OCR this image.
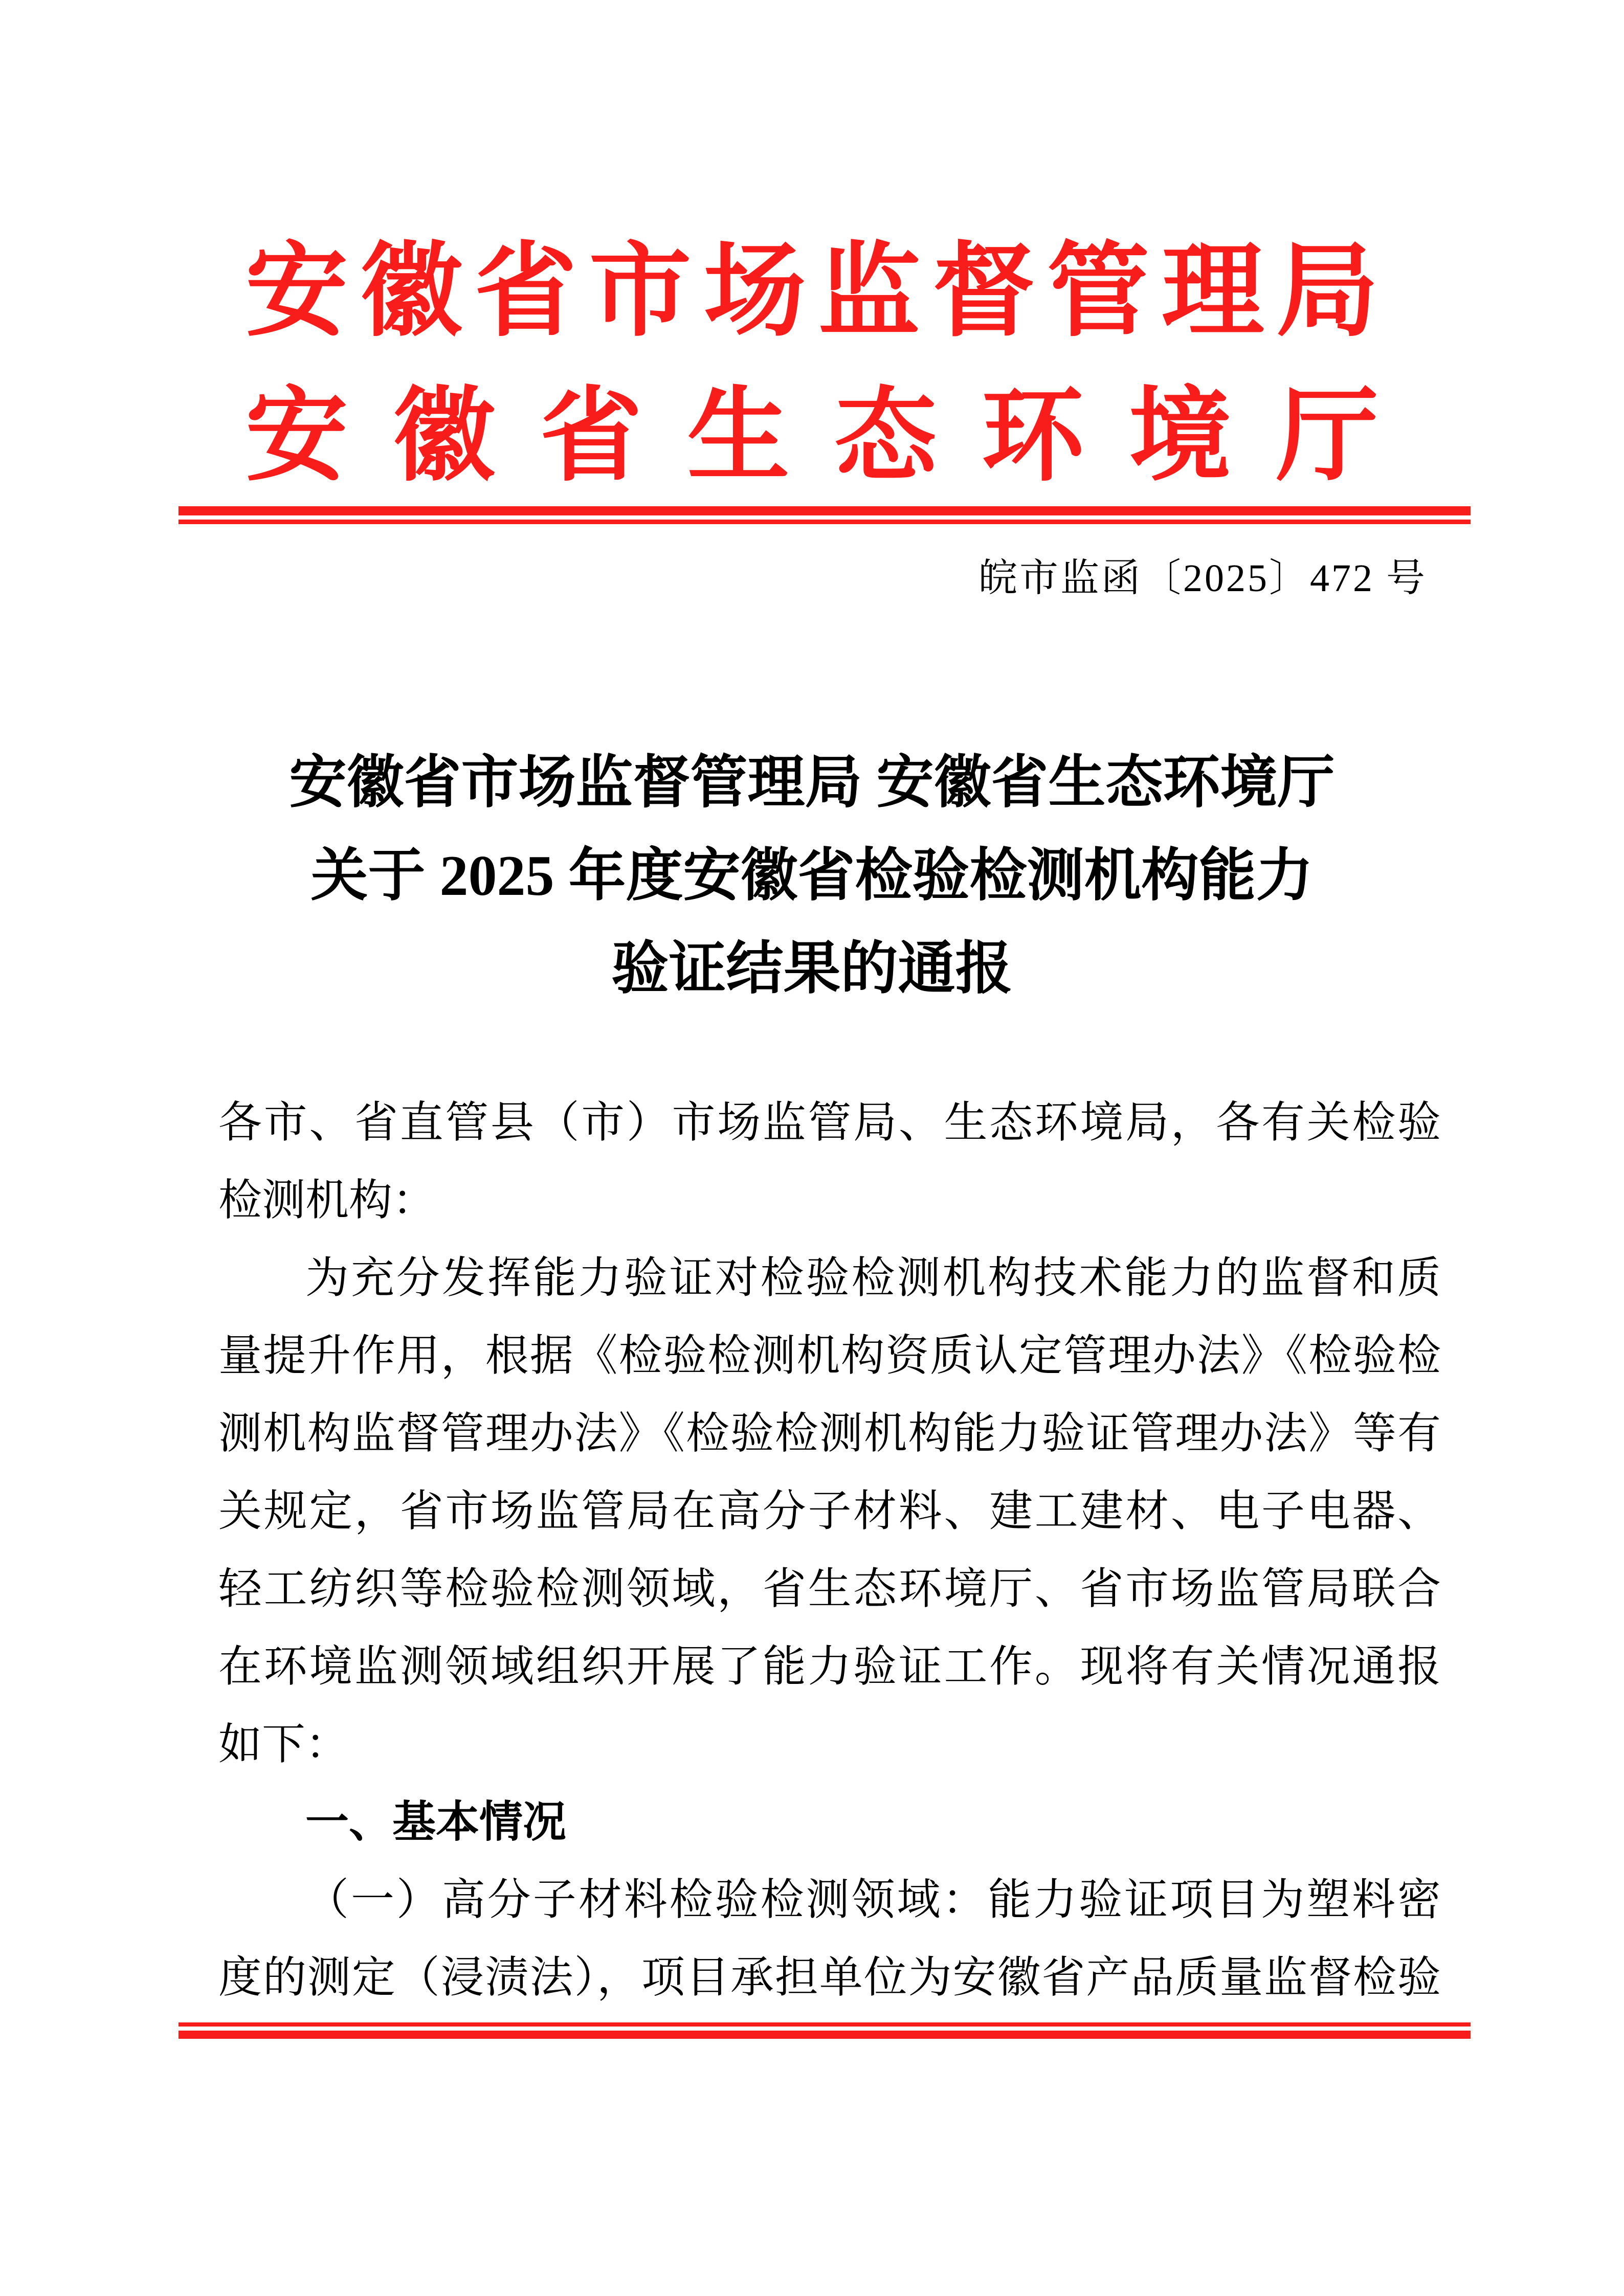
安徽省市场监督管理局
安徽省生态环境厅
皖市监函〔2025〕472 号
安徽省市场监督管理局 安徽省生态环境厅
关于 2025 年度安徽省检验检测机构能力
验证结果的通报
各市、省直管县（市）市场监管局、生态环境局，各有关检验
检测机构：
为充分发挥能力验证对检验检测机构技术能力的监督和质
量提升作用，根据《检验检测机构资质认定管理办法》《检验检
测机构监督管理办法》《检验检测机构能力验证管理办法》等有
关规定，省市场监管局在高分子材料、建工建材、电子电器、
轻工纺织等检验检测领域，省生态环境厅、省市场监管局联合
在环境监测领域组织开展了能力验证工作。现将有关情况通报
如下：
一、基本情况
（一）高分子材料检验检测领域：能力验证项目为塑料密
度的测定（浸渍法），项目承担单位为安徽省产品质量监督检验
